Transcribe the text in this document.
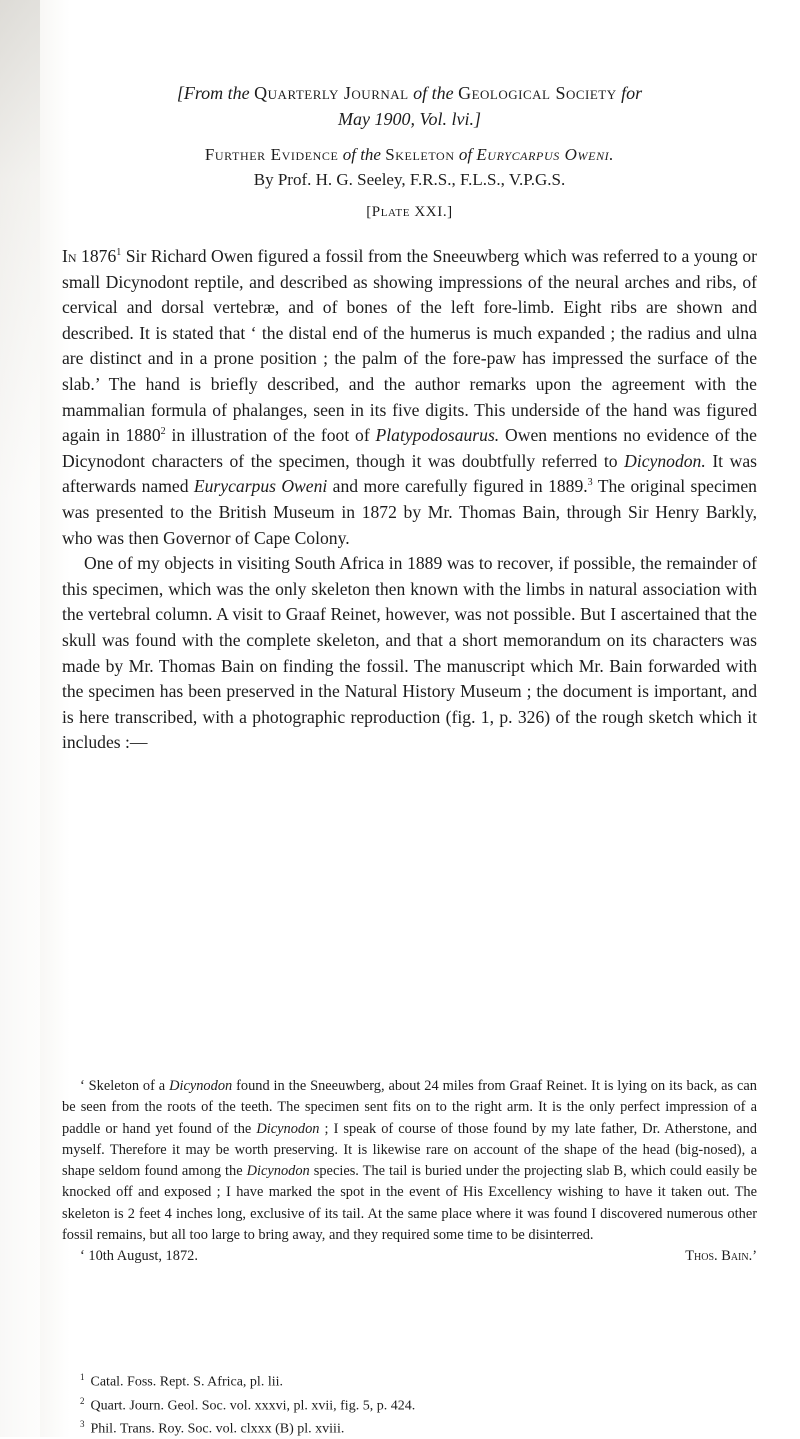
[From the Quarterly Journal of the Geological Society for
May 1900, Vol. lvi.]
Further Evidence of the Skeleton of Eurycarpus Oweni.
By Prof. H. G. Seeley, F.R.S., F.L.S., V.P.G.S.
[Plate XXI.]

In 1876$^1$ Sir Richard Owen figured a fossil from the Sneeuwberg which was referred to a young or small Dicynodont reptile, and described as showing impressions of the neural arches and ribs, of cervical and dorsal vertebræ, and of bones of the left fore-limb. Eight ribs are shown and described. It is stated that ‘ the distal end of the humerus is much expanded ; the radius and ulna are distinct and in a prone position ; the palm of the fore-paw has impressed the surface of the slab.’ The hand is briefly described, and the author remarks upon the agreement with the mammalian formula of phalanges, seen in its five digits. This underside of the hand was figured again in 1880$^2$ in illustration of the foot of Platypodosaurus. Owen mentions no evidence of the Dicynodont characters of the specimen, though it was doubtfully referred to Dicynodon. It was afterwards named Eurycarpus Oweni and more carefully figured in 1889.$^3$ The original specimen was presented to the British Museum in 1872 by Mr. Thomas Bain, through Sir Henry Barkly, who was then Governor of Cape Colony.

One of my objects in visiting South Africa in 1889 was to recover, if possible, the remainder of this specimen, which was the only skeleton then known with the limbs in natural association with the vertebral column. A visit to Graaf Reinet, however, was not possible. But I ascertained that the skull was found with the complete skeleton, and that a short memorandum on its characters was made by Mr. Thomas Bain on finding the fossil. The manuscript which Mr. Bain forwarded with the specimen has been preserved in the Natural History Museum ; the document is important, and is here transcribed, with a photographic reproduction (fig. 1, p. 326) of the rough sketch which it includes :—

‘ Skeleton of a Dicynodon found in the Sneeuwberg, about 24 miles from Graaf Reinet. It is lying on its back, as can be seen from the roots of the teeth. The specimen sent fits on to the right arm. It is the only perfect impression of a paddle or hand yet found of the Dicynodon ; I speak of course of those found by my late father, Dr. Atherstone, and myself. Therefore it may be worth preserving. It is likewise rare on account of the shape of the head (big-nosed), a shape seldom found among the Dicynodon species. The tail is buried under the projecting slab B, which could easily be knocked off and exposed ; I have marked the spot in the event of His Excellency wishing to have it taken out. The skeleton is 2 feet 4 inches long, exclusive of its tail. At the same place where it was found I discovered numerous other fossil remains, but all too large to bring away, and they required some time to be disinterred.

‘ 10th August, 1872.	Thos. Bain.’
$^1$ Catal. Foss. Rept. S. Africa, pl. lii.
$^2$ Quart. Journ. Geol. Soc. vol. xxxvi, pl. xvii, fig. 5, p. 424.
$^3$ Phil. Trans. Roy. Soc. vol. clxxx (B) pl. xviii.
